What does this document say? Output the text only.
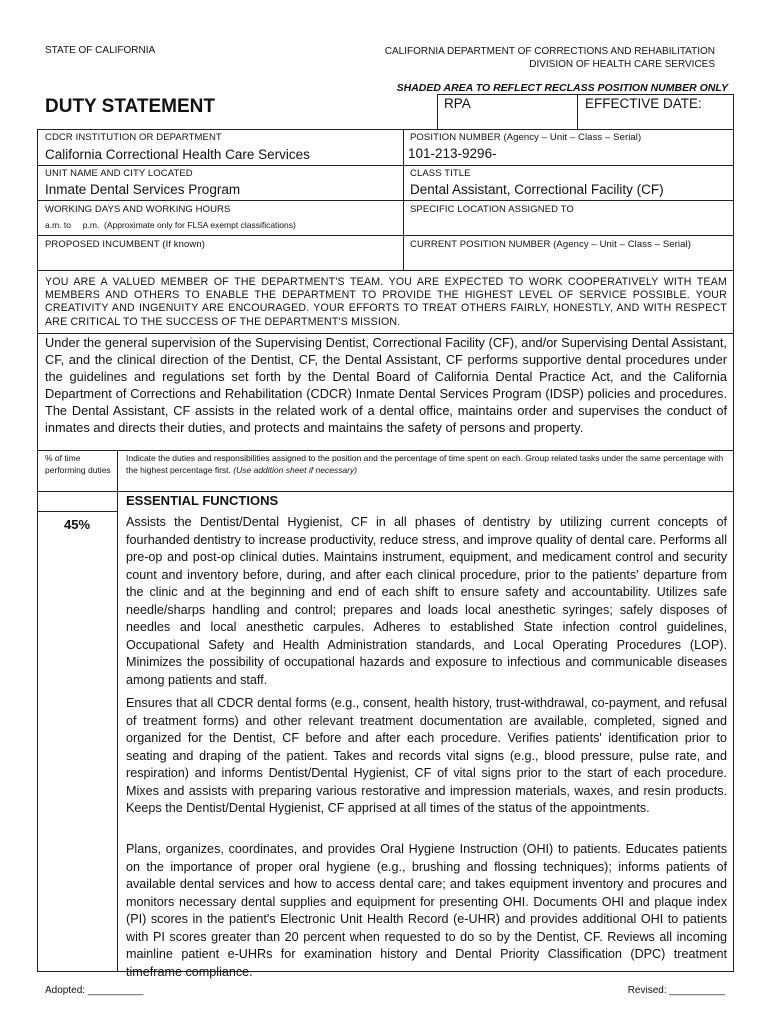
STATE OF CALIFORNIA	CALIFORNIA DEPARTMENT OF CORRECTIONS AND REHABILITATION
DIVISION OF HEALTH CARE SERVICES
SHADED AREA TO REFLECT RECLASS POSITION NUMBER ONLY
DUTY STATEMENT	RPA	EFFECTIVE DATE:
CDCR INSTITUTION OR DEPARTMENT
California Correctional Health Care Services
POSITION NUMBER (Agency – Unit – Class – Serial)
101-213-9296-
UNIT NAME AND CITY LOCATED
Inmate Dental Services Program
CLASS TITLE
Dental Assistant, Correctional Facility (CF)
WORKING DAYS AND WORKING HOURS
a.m. to     p.m.  (Approximate only for FLSA exempt classifications)
SPECIFIC LOCATION ASSIGNED TO
PROPOSED INCUMBENT (If known)	CURRENT POSITION NUMBER (Agency – Unit – Class – Serial)
YOU ARE A VALUED MEMBER OF THE DEPARTMENT'S TEAM. YOU ARE EXPECTED TO WORK COOPERATIVELY WITH TEAM MEMBERS AND OTHERS TO ENABLE THE DEPARTMENT TO PROVIDE THE HIGHEST LEVEL OF SERVICE POSSIBLE. YOUR CREATIVITY AND INGENUITY ARE ENCOURAGED. YOUR EFFORTS TO TREAT OTHERS FAIRLY, HONESTLY, AND WITH RESPECT ARE CRITICAL TO THE SUCCESS OF THE DEPARTMENT'S MISSION.
Under the general supervision of the Supervising Dentist, Correctional Facility (CF), and/or Supervising Dental Assistant, CF, and the clinical direction of the Dentist, CF, the Dental Assistant, CF performs supportive dental procedures under the guidelines and regulations set forth by the Dental Board of California Dental Practice Act, and the California Department of Corrections and Rehabilitation (CDCR) Inmate Dental Services Program (IDSP) policies and procedures. The Dental Assistant, CF assists in the related work of a dental office, maintains order and supervises the conduct of inmates and directs their duties, and protects and maintains the safety of persons and property.
% of time performing duties
Indicate the duties and responsibilities assigned to the position and the percentage of time spent on each. Group related tasks under the same percentage with the highest percentage first. (Use addition sheet if necessary)
ESSENTIAL FUNCTIONS
45%	Assists the Dentist/Dental Hygienist, CF in all phases of dentistry by utilizing current concepts of fourhanded dentistry to increase productivity, reduce stress, and improve quality of dental care. Performs all pre-op and post-op clinical duties. Maintains instrument, equipment, and medicament control and security count and inventory before, during, and after each clinical procedure, prior to the patients' departure from the clinic and at the beginning and end of each shift to ensure safety and accountability. Utilizes safe needle/sharps handling and control; prepares and loads local anesthetic syringes; safely disposes of needles and local anesthetic carpules. Adheres to established State infection control guidelines, Occupational Safety and Health Administration standards, and Local Operating Procedures (LOP). Minimizes the possibility of occupational hazards and exposure to infectious and communicable diseases among patients and staff.
Ensures that all CDCR dental forms (e.g., consent, health history, trust-withdrawal, co-payment, and refusal of treatment forms) and other relevant treatment documentation are available, completed, signed and organized for the Dentist, CF before and after each procedure. Verifies patients' identification prior to seating and draping of the patient. Takes and records vital signs (e.g., blood pressure, pulse rate, and respiration) and informs Dentist/Dental Hygienist, CF of vital signs prior to the start of each procedure. Mixes and assists with preparing various restorative and impression materials, waxes, and resin products. Keeps the Dentist/Dental Hygienist, CF apprised at all times of the status of the appointments.
Plans, organizes, coordinates, and provides Oral Hygiene Instruction (OHI) to patients. Educates patients on the importance of proper oral hygiene (e.g., brushing and flossing techniques); informs patients of available dental services and how to access dental care; and takes equipment inventory and procures and monitors necessary dental supplies and equipment for presenting OHI. Documents OHI and plaque index (PI) scores in the patient's Electronic Unit Health Record (e-UHR) and provides additional OHI to patients with PI scores greater than 20 percent when requested to do so by the Dentist, CF. Reviews all incoming mainline patient e-UHRs for examination history and Dental Priority Classification (DPC) treatment timeframe compliance.
Adopted: __________	Revised: __________
